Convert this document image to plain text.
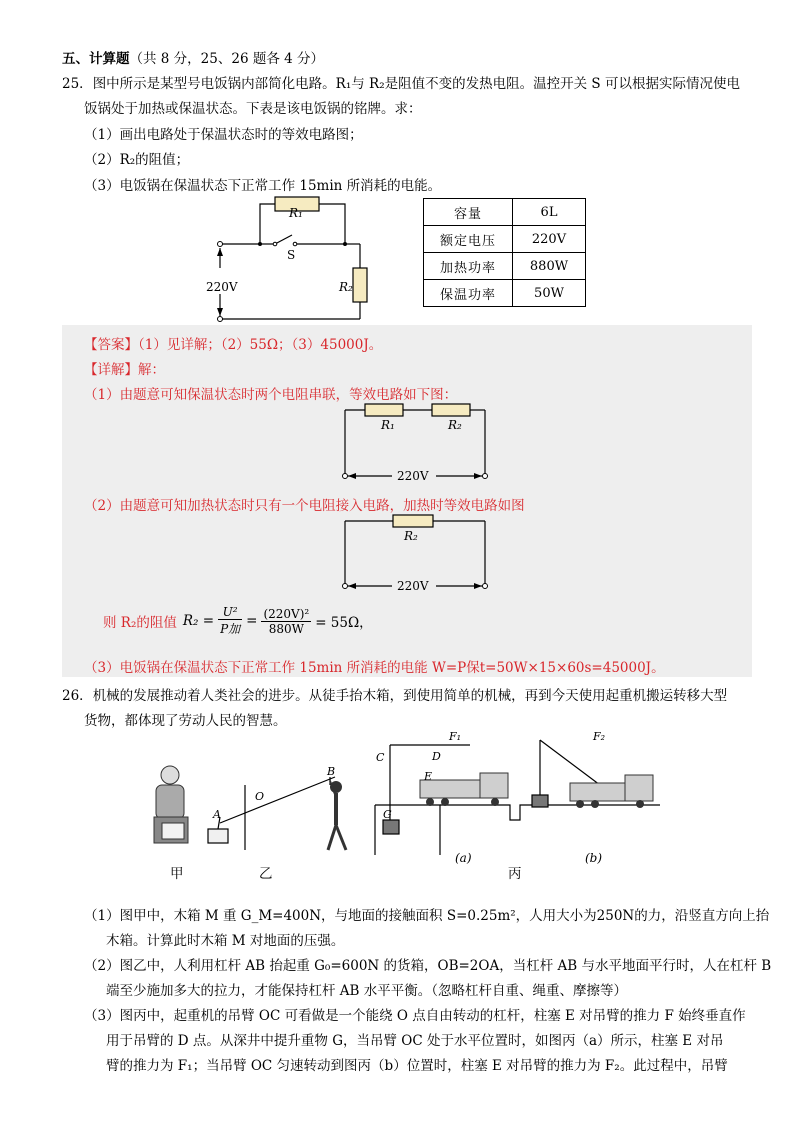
五、计算题（共 8 分，25、26 题各 4 分）
25．图中所示是某型号电饭锅内部简化电路。R₁与 R₂是阻值不变的发热电阻。温控开关 S 可以根据实际情况使电
饭锅处于加热或保温状态。下表是该电饭锅的铭牌。求：
（1）画出电路处于保温状态时的等效电路图；
（2）R₂的阻值；
（3）电饭锅在保温状态下正常工作 15min 所消耗的电能。
R₁
S
220V	R₂
容量	6L
额定电压	220V
加热功率	880W
保温功率	50W
【答案】（1）见详解；（2）55Ω；（3）45000J。
【详解】解：
（1）由题意可知保温状态时两个电阻串联，等效电路如下图：
R₁	R₂
220V
（2）由题意可知加热状态时只有一个电阻接入电路，加热时等效电路如图
R₂
220V
则 R₂的阻值 $R_2 = \frac{\text{U²}}{\text{P加}} = \frac{\text{(220V)²}}{880W} = 55\Omega$，
（3）电饭锅在保温状态下正常工作 15min 所消耗的电能 W=P保t=50W×15×60s=45000J。
26．机械的发展推动着人类社会的进步。从徒手抬木箱，到使用简单的机械，再到今天使用起重机搬运转移大型
货物，都体现了劳动人民的智慧。
甲	乙	丙
(a)	(b)
A
B
O
C	D
E
G
F₁	F₂
（1）图甲中，木箱 M 重 G_M=400N，与地面的接触面积 S=0.25m²，人用大小为250N的力，沿竖直方向上抬
木箱。计算此时木箱 M 对地面的压强。
（2）图乙中，人利用杠杆 AB 抬起重 G₀=600N 的货箱，OB=2OA，当杠杆 AB 与水平地面平行时，人在杠杆 B
端至少施加多大的拉力，才能保持杠杆 AB 水平平衡。（忽略杠杆自重、绳重、摩擦等）
（3）图丙中，起重机的吊臂 OC 可看做是一个能绕 O 点自由转动的杠杆，柱塞 E 对吊臂的推力 F 始终垂直作
用于吊臂的 D 点。从深井中提升重物 G，当吊臂 OC 处于水平位置时，如图丙（a）所示，柱塞 E 对吊
臂的推力为 F₁；当吊臂 OC 匀速转动到图丙（b）位置时，柱塞 E 对吊臂的推力为 F₂。此过程中，吊臂
